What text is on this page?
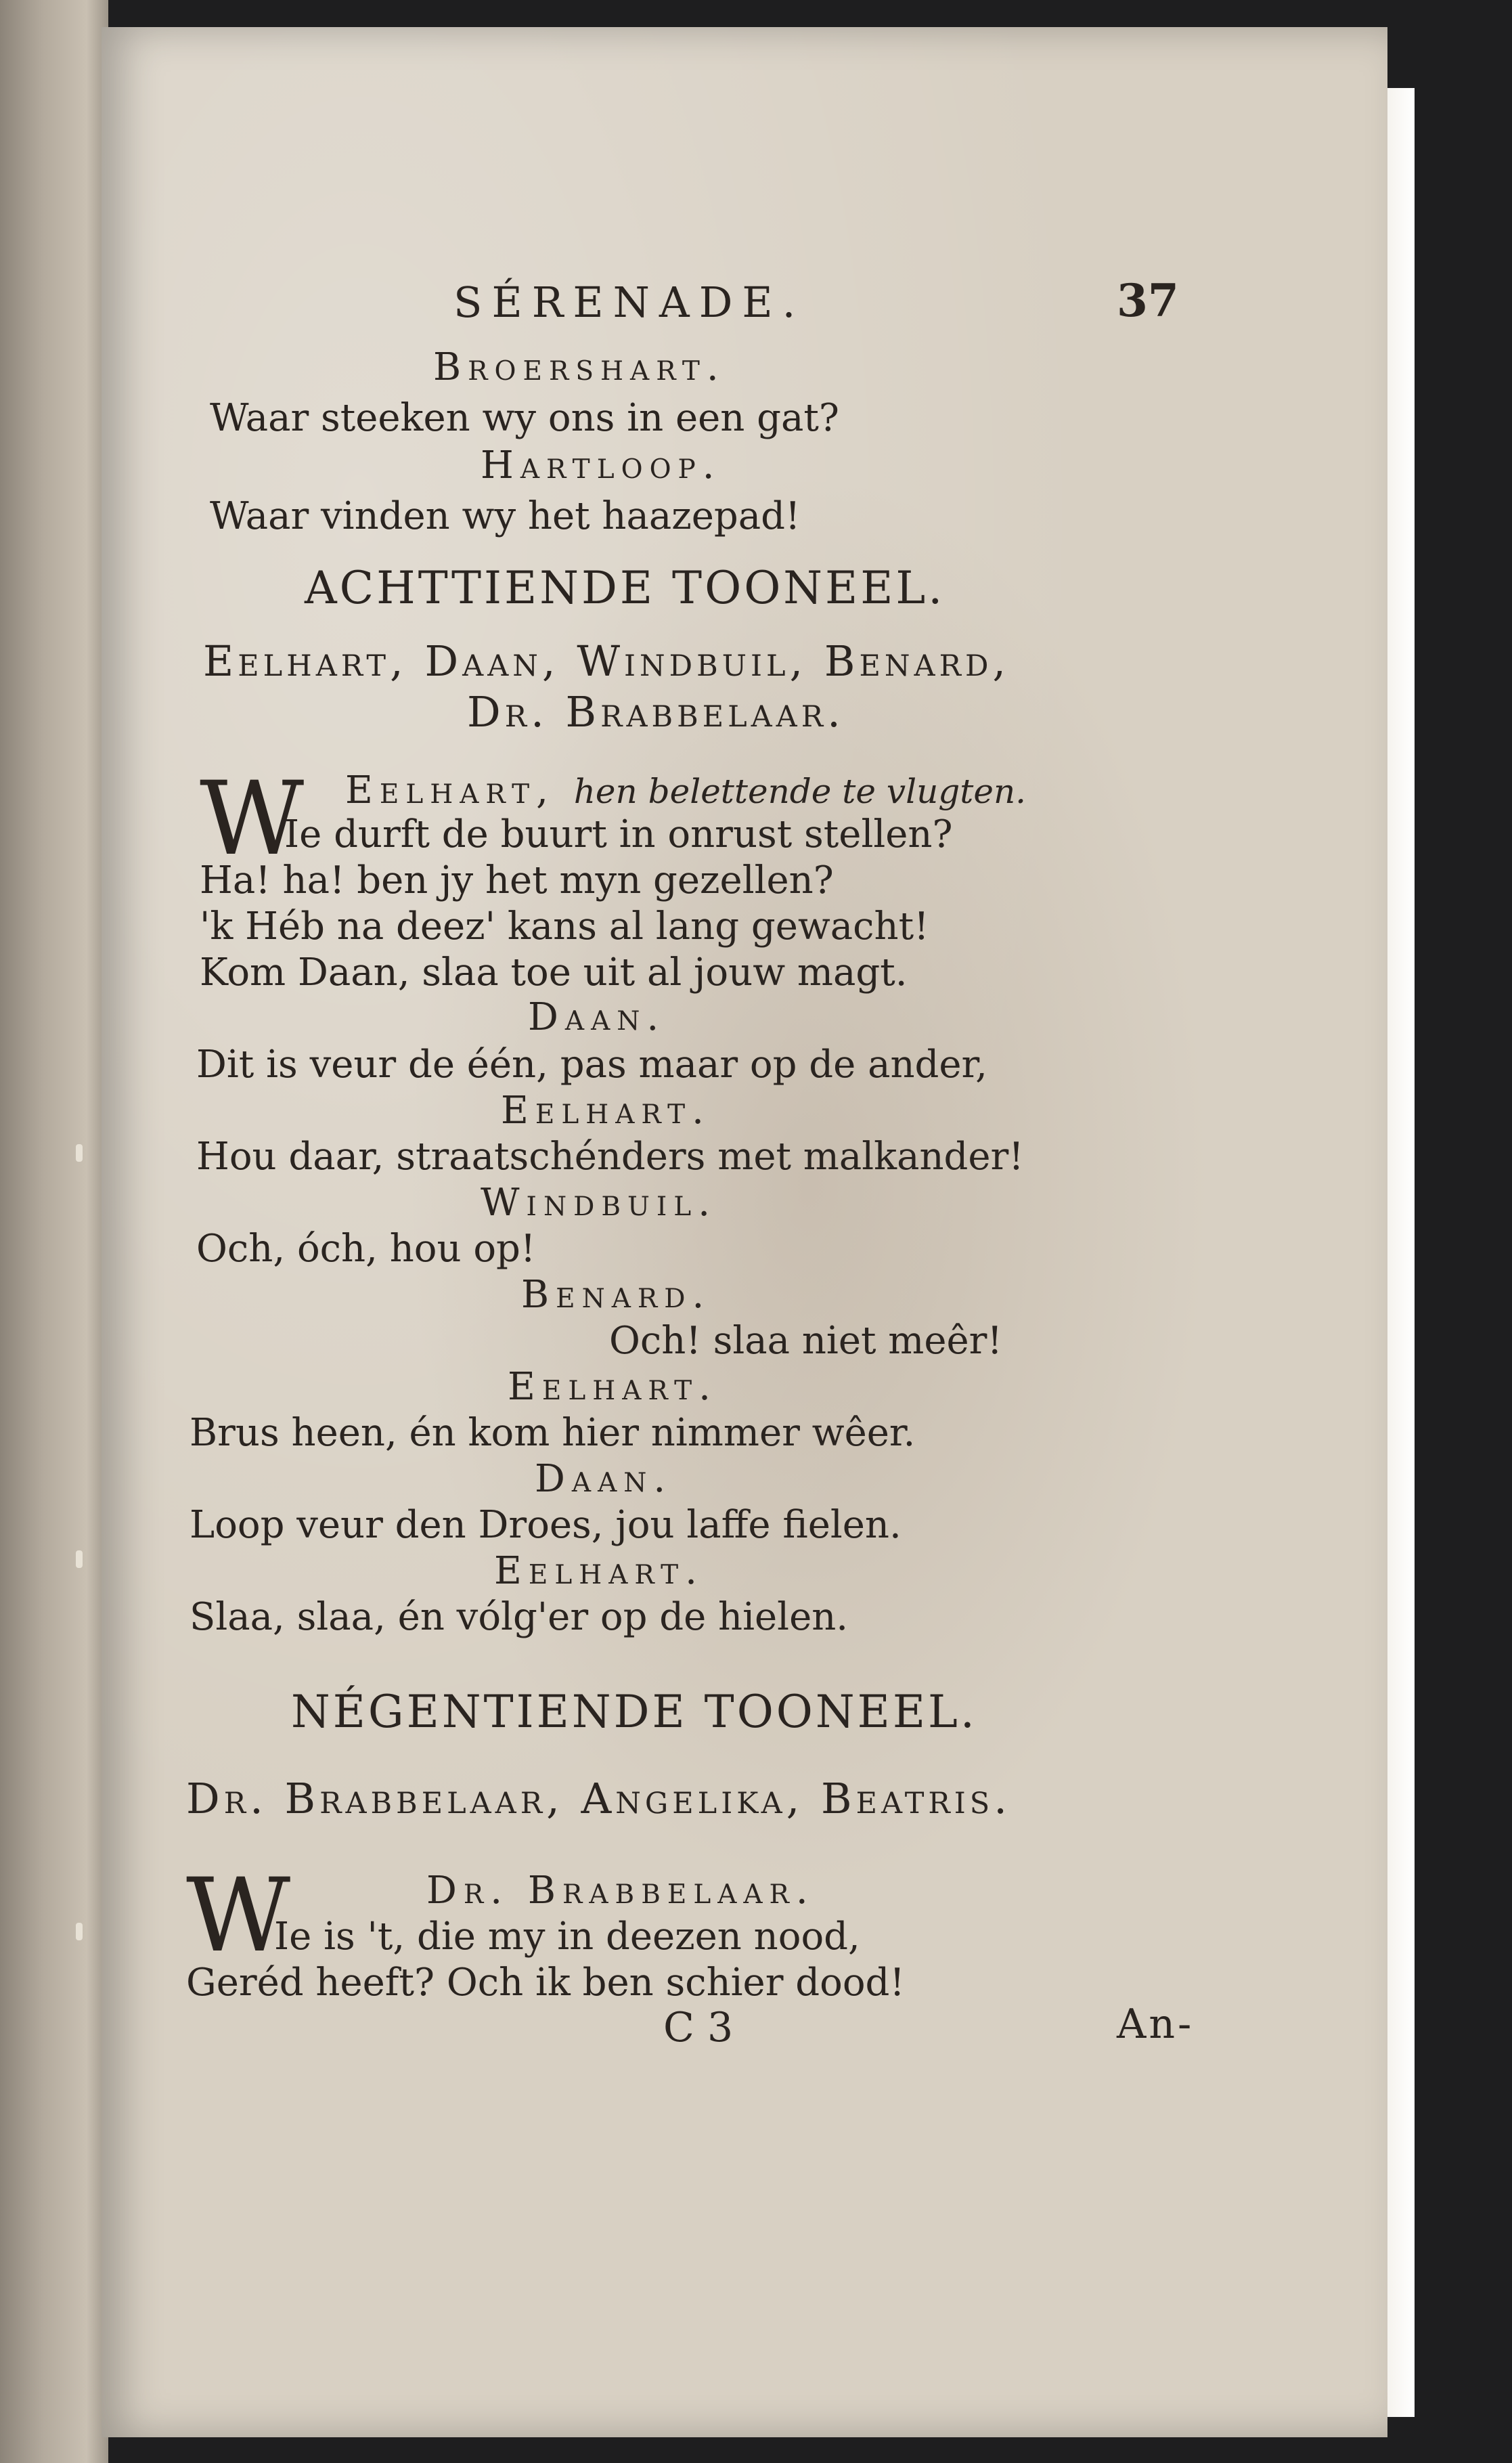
SÉRENADE.	37
Broershart.
Waar steeken wy ons in een gat?
Hartloop.
Waar vinden wy het haazepad!
ACHTTIENDE TOONEEL.
Eelhart, Daan, Windbuil, Benard,
Dr. Brabbelaar.
W Eelhart, hen belettende te vlugten.
Ie durft de buurt in onrust stellen?
Ha! ha! ben jy het myn gezellen?
'k Héb na deez' kans al lang gewacht!
Kom Daan, slaa toe uit al jouw magt.
Daan.
Dit is veur de één, pas maar op de ander,
Eelhart.
Hou daar, straatschénders met malkander!
Windbuil.
Och, óch, hou op!
Benard.
Och! slaa niet meêr!
Eelhart.
Brus heen, én kom hier nimmer wêer.
Daan.
Loop veur den Droes, jou laffe fielen.
Eelhart.
Slaa, slaa, én vólg'er op de hielen.
NÉGENTIENDE TOONEEL.
Dr. Brabbelaar, Angelika, Beatris.
W	Dr. Brabbelaar.
Ie is 't, die my in deezen nood,
Geréd heeft? Och ik ben schier dood!
C 3	An-
